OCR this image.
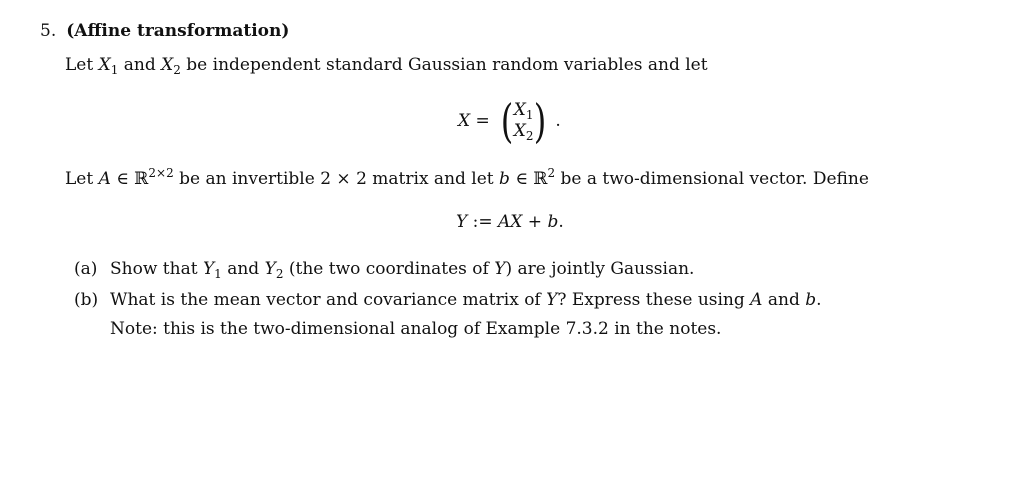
5. (Affine transformation)
Let $X_1$ and $X_2$ be independent standard Gaussian random variables and let
X = ( $X_1$
$X_2$ ) .
Let A ∈ ℝ$^{2\times 2}$ be an invertible 2 × 2 matrix and let b ∈ ℝ$^2$ be a two-dimensional vector. Define
Y := AX + b.
(a) Show that $Y_1$ and $Y_2$ (the two coordinates of Y) are jointly Gaussian.
(b) What is the mean vector and covariance matrix of Y? Express these using A and b.
Note: this is the two-dimensional analog of Example 7.3.2 in the notes.
